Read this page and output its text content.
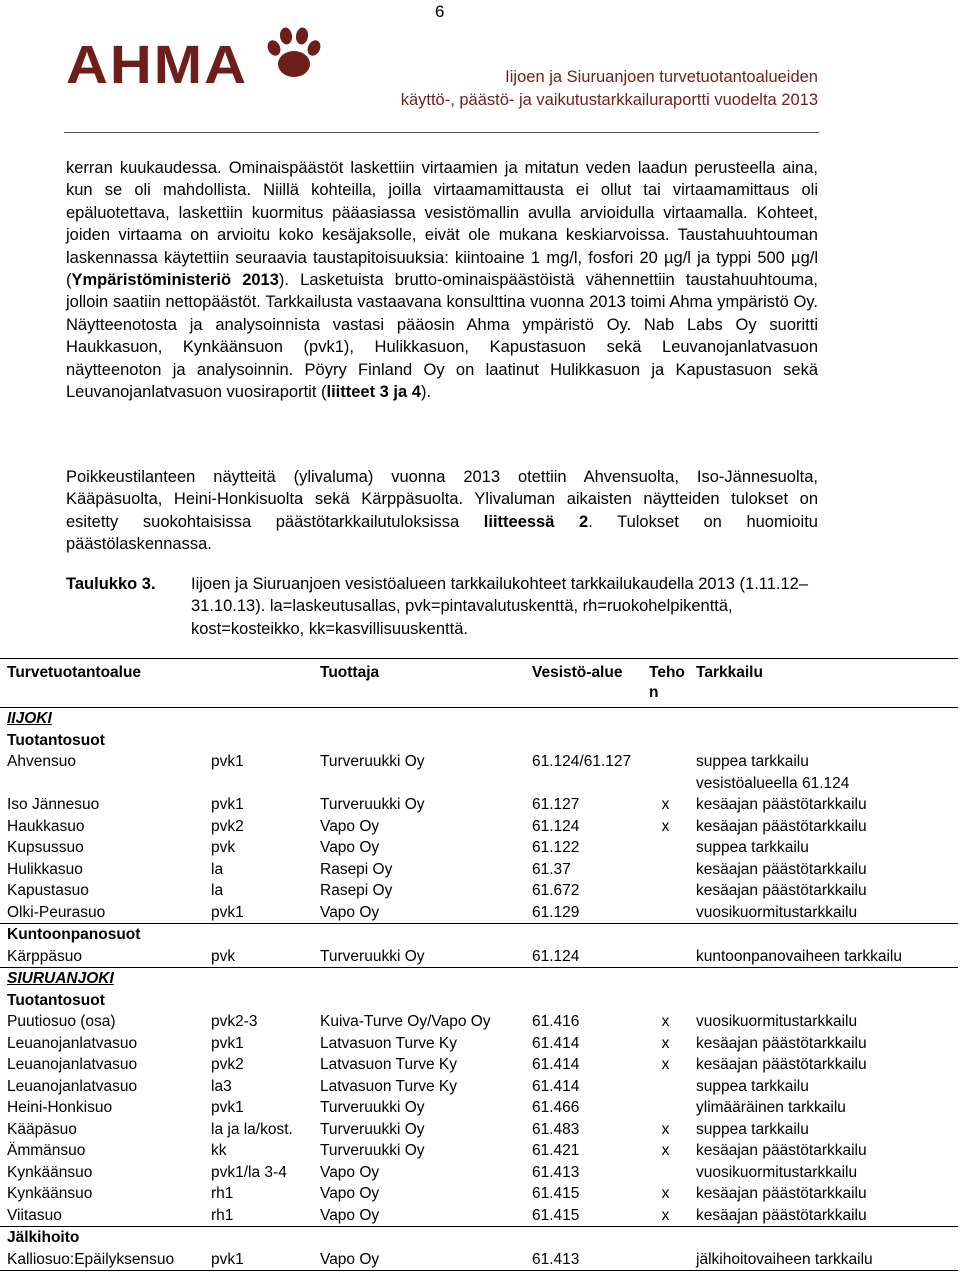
6
AHMA	Iijoen ja Siuruanjoen turvetuotantoalueiden
käyttö-, päästö- ja vaikutustarkkailuraportti vuodelta 2013
kerran kuukaudessa. Ominaispäästöt laskettiin virtaamien ja mitatun veden laadun perusteella aina, kun se oli mahdollista. Niillä kohteilla, joilla virtaamamittausta ei ollut tai virtaamamittaus oli epäluotettava, laskettiin kuormitus pääasiassa vesistömallin avulla arvioidulla virtaamalla. Kohteet, joiden virtaama on arvioitu koko kesäjaksolle, eivät ole mukana keskiarvoissa. Taustahuuhtouman laskennassa käytettiin seuraavia taustapitoisuuksia: kiintoaine 1 mg/l, fosfori 20 µg/l ja typpi 500 µg/l (Ympäristöministeriö 2013). Lasketuista brutto-ominaispäästöistä vähennettiin taustahuuhtouma, jolloin saatiin nettopäästöt. Tarkkailusta vastaavana konsulttina vuonna 2013 toimi Ahma ympäristö Oy. Näytteenotosta ja analysoinnista vastasi pääosin Ahma ympäristö Oy. Nab Labs Oy suoritti Haukkasuon, Kynkäänsuon (pvk1), Hulikkasuon, Kapustasuon sekä Leuvanojanlatvasuon näytteenoton ja analysoinnin. Pöyry Finland Oy on laatinut Hulikkasuon ja Kapustasuon sekä Leuvanojanlatvasuon vuosiraportit (liitteet 3 ja 4).
Poikkeustilanteen näytteitä (ylivaluma) vuonna 2013 otettiin Ahvensuolta, Iso-Jännesuolta, Kääpäsuolta, Heini-Honkisuolta sekä Kärppäsuolta. Ylivaluman aikaisten näytteiden tulokset on esitetty suokohtaisissa päästötarkkailutuloksissa liitteessä 2. Tulokset on huomioitu päästölaskennassa.
Taulukko 3. Iijoen ja Siuruanjoen vesistöalueen tarkkailukohteet tarkkailukaudella 2013 (1.11.12–31.10.13). la=laskeutusallas, pvk=pintavalutuskenttä, rh=ruokohelpikenttä, kost=kosteikko, kk=kasvillisuuskenttä.
Turvetuotantoalue		Tuottaja	Vesistö-alue	Tehon	Tarkkailu
IIJOKI					
Tuotantosuot					
Ahvensuo	pvk1	Turveruukki Oy	61.124/61.127		suppea tarkkailu
vesistöalueella 61.124

Iso Jännesuo	pvk1	Turveruukki Oy	61.127	x	kesäajan päästötarkkailu
Haukkasuo	pvk2	Vapo Oy	61.124	x	kesäajan päästötarkkailu
Kupsussuo	pvk	Vapo Oy	61.122		suppea tarkkailu
Hulikkasuo	la	Rasepi Oy	61.37		kesäajan päästötarkkailu
Kapustasuo	la	Rasepi Oy	61.672		kesäajan päästötarkkailu
Olki-Peurasuo	pvk1	Vapo Oy	61.129		vuosikuormitustarkkailu
Kuntoonpanosuot					
Kärppäsuo	pvk	Turveruukki Oy	61.124		kuntoonpanovaiheen tarkkailu
SIURUANJOKI					
Tuotantosuot					
Puutiosuo (osa)	pvk2-3	Kuiva-Turve Oy/Vapo Oy	61.416	x	vuosikuormitustarkkailu
Leuanojanlatvasuo	pvk1	Latvasuon Turve Ky	61.414	x	kesäajan päästötarkkailu
Leuanojanlatvasuo	pvk2	Latvasuon Turve Ky	61.414	x	kesäajan päästötarkkailu
Leuanojanlatvasuo	la3	Latvasuon Turve Ky	61.414		suppea tarkkailu
Heini-Honkisuo	pvk1	Turveruukki Oy	61.466		ylimääräinen tarkkailu
Kääpäsuo	la ja la/kost.	Turveruukki Oy	61.483	x	suppea tarkkailu
Ämmänsuo	kk	Turveruukki Oy	61.421	x	kesäajan päästötarkkailu
Kynkäänsuo	pvk1/la 3-4	Vapo Oy	61.413		vuosikuormitustarkkailu
Kynkäänsuo	rh1	Vapo Oy	61.415	x	kesäajan päästötarkkailu
Viitasuo	rh1	Vapo Oy	61.415	x	kesäajan päästötarkkailu
Jälkihoito					
Kalliosuo:Epäilyksensuo	pvk1	Vapo Oy	61.413		jälkihoitovaiheen tarkkailu
